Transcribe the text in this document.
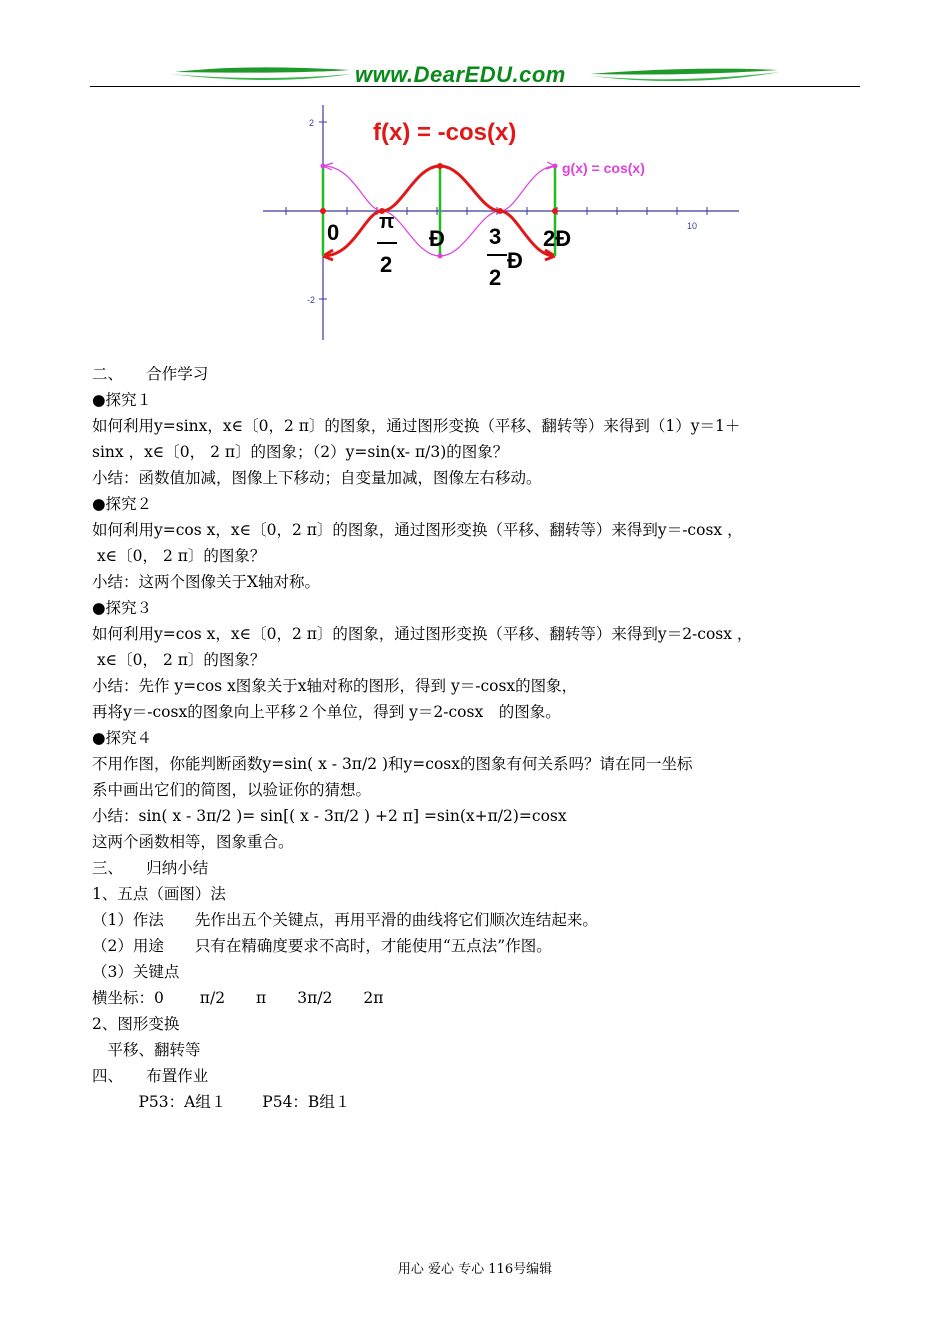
www.DearEDU.com
2
-2
10
f(x) = -cos(x)
g(x) = cos(x)
0 π
2
Ð 3
2
Ð
2Ð

二、　　合作学习

●探究１

如何利用y=sinx，x∈〔0，2 π〕的图象，通过图形变换（平移、翻转等）来得到（1）y＝1＋

sinx ，x∈〔0， 2 π〕的图象；（2）y=sin(x- π/3)的图象？

小结：函数值加减，图像上下移动；自变量加减，图像左右移动。

●探究２

如何利用y=cos x，x∈〔0，2 π〕的图象，通过图形变换（平移、翻转等）来得到y＝-cosx ，

x∈〔0， 2 π〕的图象？

小结：这两个图像关于X轴对称。

●探究３

如何利用y=cos x，x∈〔0，2 π〕的图象，通过图形变换（平移、翻转等）来得到y＝2-cosx ，

x∈〔0， 2 π〕的图象？

小结：先作 y=cos x图象关于x轴对称的图形，得到 y＝-cosx的图象，

再将y＝-cosx的图象向上平移２个单位，得到 y＝2-cosx　的图象。

●探究４

不用作图，你能判断函数y=sin( x - 3π/2 )和y=cosx的图象有何关系吗？请在同一坐标

系中画出它们的简图，以验证你的猜想。

小结：sin( x - 3π/2 )= sin[( x - 3π/2 ) +2 π] =sin(x+π/2)=cosx

这两个函数相等，图象重合。

三、　　归纳小结

1、五点（画图）法

（1）作法　　先作出五个关键点，再用平滑的曲线将它们顺次连结起来。

（2）用途　　只有在精确度要求不高时，才能使用“五点法”作图。

（3）关键点

横坐标：0　　 π/2　　π　　3π/2　　2π

2、图形变换

　平移、翻转等

四、　　布置作业

　　　P53：A组１　　 P54：B组１

用心 爱心 专心 116号编辑
